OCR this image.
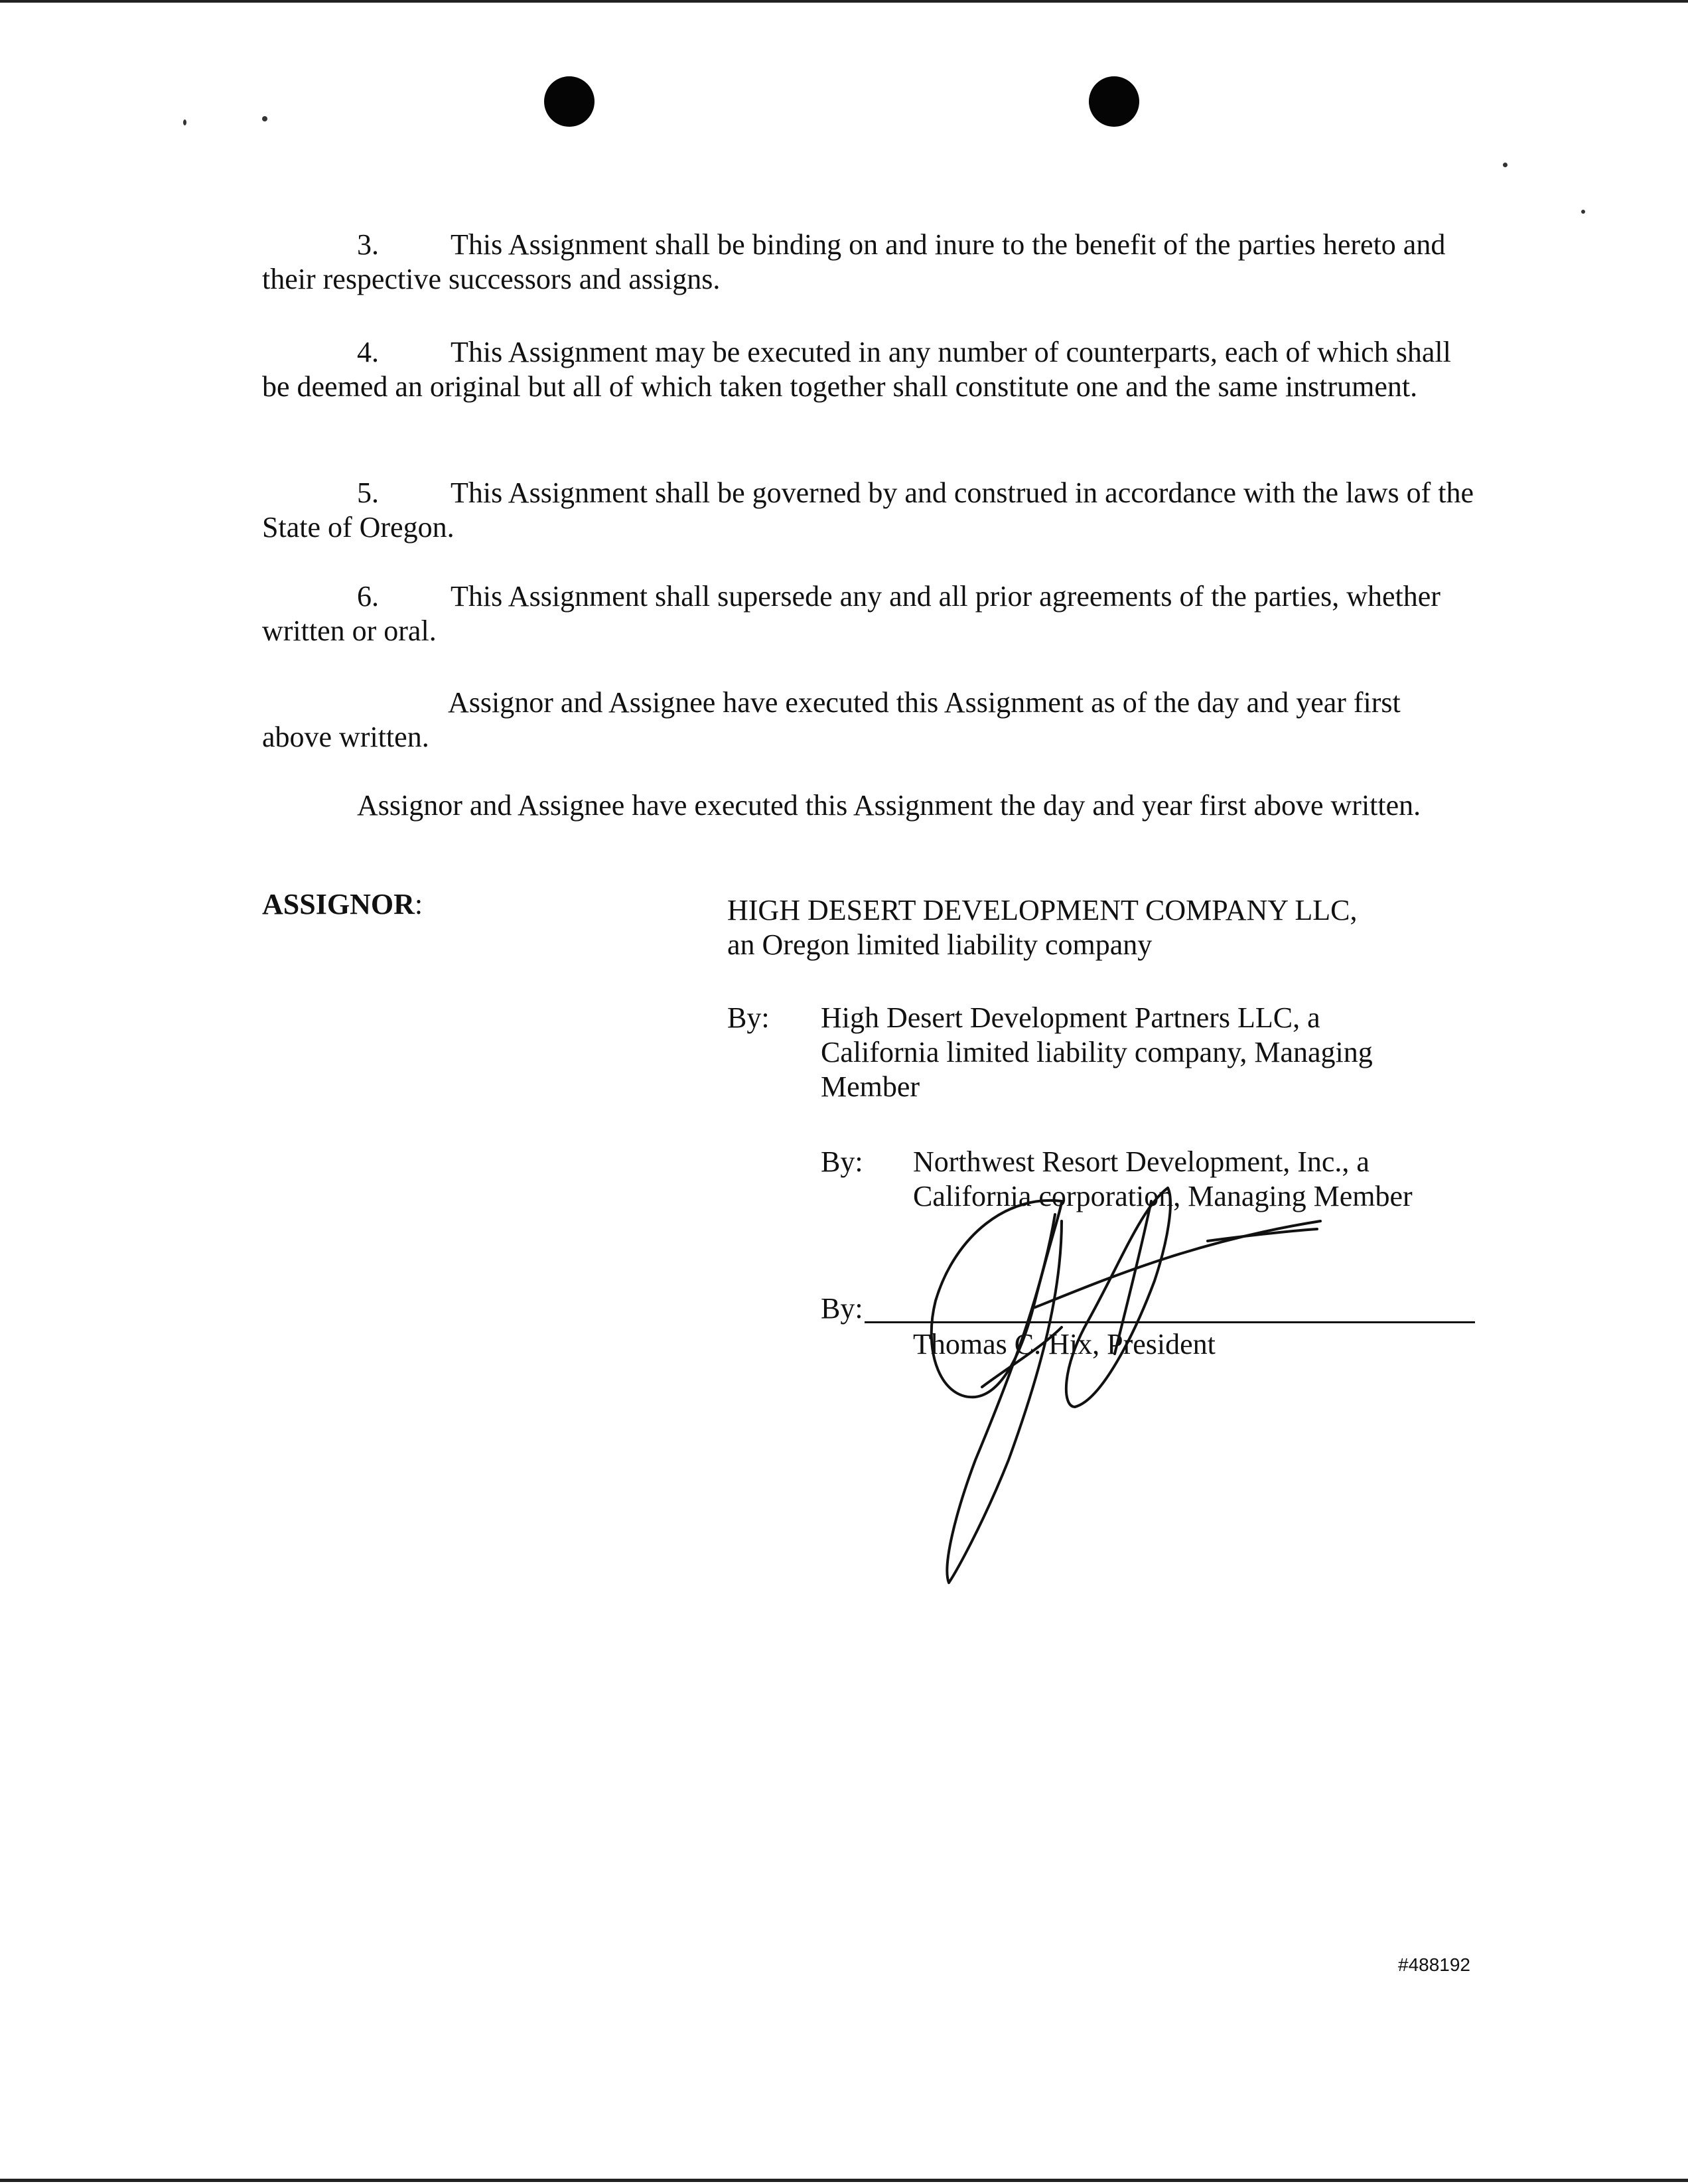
3. This Assignment shall be binding on and inure to the benefit of the parties hereto and their respective successors and assigns.

4. This Assignment may be executed in any number of counterparts, each of which shall be deemed an original but all of which taken together shall constitute one and the same instrument.

5. This Assignment shall be governed by and construed in accordance with the laws of the State of Oregon.

6. This Assignment shall supersede any and all prior agreements of the parties, whether written or oral.

Assignor and Assignee have executed this Assignment as of the day and year first above written.

Assignor and Assignee have executed this Assignment the day and year first above written.

ASSIGNOR:	HIGH DESERT DEVELOPMENT COMPANY LLC,
an Oregon limited liability company
By: High Desert Development Partners LLC, a
California limited liability company, Managing
Member
By: Northwest Resort Development, Inc., a
California corporation, Managing Member
By:
Thomas C. Hix, President
#488192
